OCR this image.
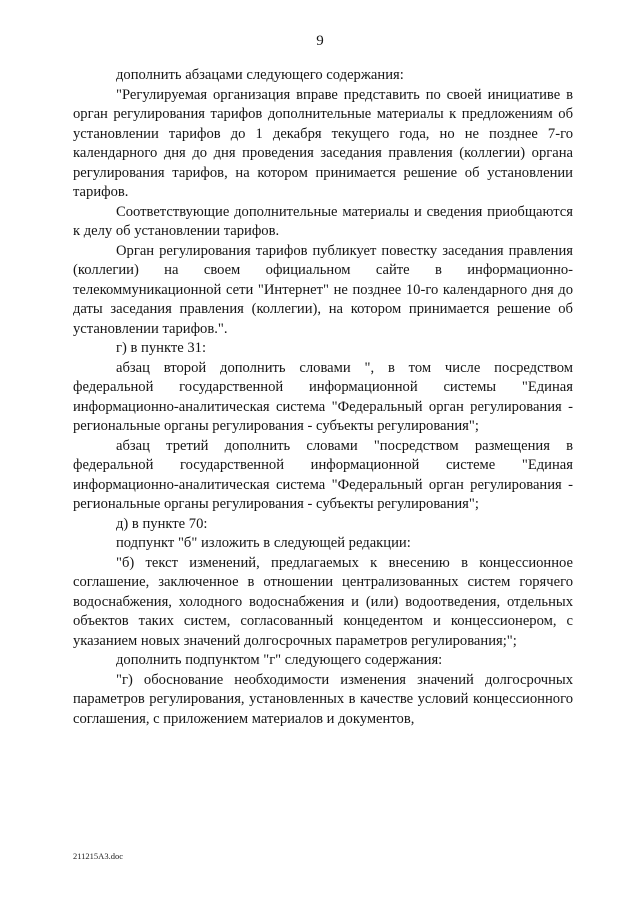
9

дополнить абзацами следующего содержания:

"Регулируемая организация вправе представить по своей инициативе в орган регулирования тарифов дополнительные материалы к предложениям об установлении тарифов до 1 декабря текущего года, но не позднее 7-го календарного дня до дня проведения заседания правления (коллегии) органа регулирования тарифов, на котором принимается решение об установлении тарифов.

Соответствующие дополнительные материалы и сведения приобщаются к делу об установлении тарифов.

Орган регулирования тарифов публикует повестку заседания правления (коллегии) на своем официальном сайте в информационно-телекоммуникационной сети "Интернет" не позднее 10-го календарного дня до даты заседания правления (коллегии), на котором принимается решение об установлении тарифов.".

г) в пункте 31:

абзац второй дополнить словами ", в том числе посредством федеральной государственной информационной системы "Единая информационно-аналитическая система "Федеральный орган регулирования - региональные органы регулирования - субъекты регулирования";

абзац третий дополнить словами "посредством размещения в федеральной государственной информационной системе "Единая информационно-аналитическая система "Федеральный орган регулирования - региональные органы регулирования - субъекты регулирования";

д) в пункте 70:

подпункт "б" изложить в следующей редакции:

"б) текст изменений, предлагаемых к внесению в концессионное соглашение, заключенное в отношении централизованных систем горячего водоснабжения, холодного водоснабжения и (или) водоотведения, отдельных объектов таких систем, согласованный концедентом и концессионером, с указанием новых значений долгосрочных параметров регулирования;";

дополнить подпунктом "г" следующего содержания:

"г) обоснование необходимости изменения значений долгосрочных параметров регулирования, установленных в качестве условий концессионного соглашения, с приложением материалов и документов,

211215A3.doc
